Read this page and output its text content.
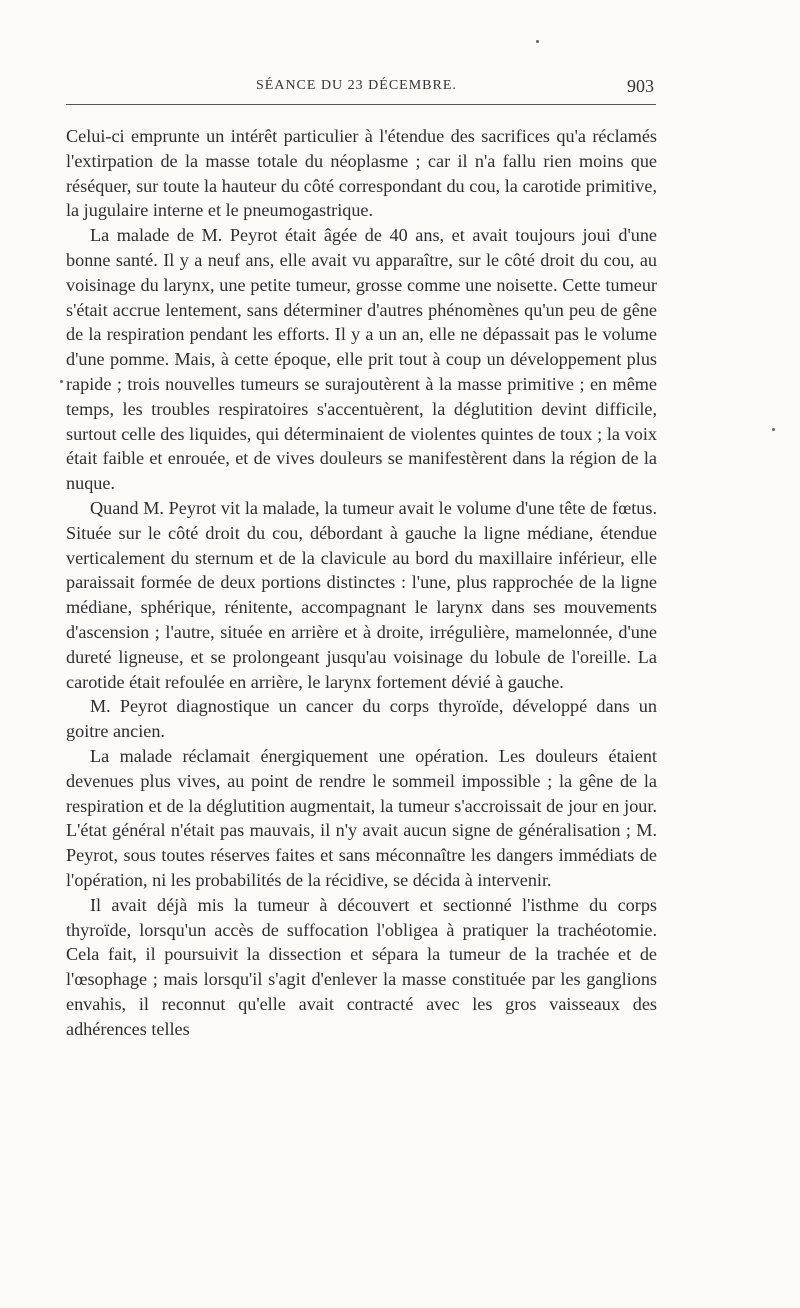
SÉANCE DU 23 DÉCEMBRE.	903

Celui-ci emprunte un intérêt particulier à l'étendue des sacrifices qu'a réclamés l'extirpation de la masse totale du néoplasme ; car il n'a fallu rien moins que réséquer, sur toute la hauteur du côté correspondant du cou, la carotide primitive, la jugulaire interne et le pneumogastrique.

La malade de M. Peyrot était âgée de 40 ans, et avait toujours joui d'une bonne santé. Il y a neuf ans, elle avait vu apparaître, sur le côté droit du cou, au voisinage du larynx, une petite tumeur, grosse comme une noisette. Cette tumeur s'était accrue lentement, sans déterminer d'autres phénomènes qu'un peu de gêne de la respiration pendant les efforts. Il y a un an, elle ne dépassait pas le volume d'une pomme. Mais, à cette époque, elle prit tout à coup un développement plus rapide ; trois nouvelles tumeurs se surajoutèrent à la masse primitive ; en même temps, les troubles respiratoires s'accentuèrent, la déglutition devint difficile, surtout celle des liquides, qui déterminaient de violentes quintes de toux ; la voix était faible et enrouée, et de vives douleurs se manifestèrent dans la région de la nuque.

Quand M. Peyrot vit la malade, la tumeur avait le volume d'une tête de fœtus. Située sur le côté droit du cou, débordant à gauche la ligne médiane, étendue verticalement du sternum et de la clavicule au bord du maxillaire inférieur, elle paraissait formée de deux portions distinctes : l'une, plus rapprochée de la ligne médiane, sphérique, rénitente, accompagnant le larynx dans ses mouvements d'ascension ; l'autre, située en arrière et à droite, irrégulière, mamelonnée, d'une dureté ligneuse, et se prolongeant jusqu'au voisinage du lobule de l'oreille. La carotide était refoulée en arrière, le larynx fortement dévié à gauche.

M. Peyrot diagnostique un cancer du corps thyroïde, développé dans un goitre ancien.

La malade réclamait énergiquement une opération. Les douleurs étaient devenues plus vives, au point de rendre le sommeil impossible ; la gêne de la respiration et de la déglutition augmentait, la tumeur s'accroissait de jour en jour. L'état général n'était pas mauvais, il n'y avait aucun signe de généralisation ; M. Peyrot, sous toutes réserves faites et sans méconnaître les dangers immédiats de l'opération, ni les probabilités de la récidive, se décida à intervenir.

Il avait déjà mis la tumeur à découvert et sectionné l'isthme du corps thyroïde, lorsqu'un accès de suffocation l'obligea à pratiquer la trachéotomie. Cela fait, il poursuivit la dissection et sépara la tumeur de la trachée et de l'œsophage ; mais lorsqu'il s'agit d'enlever la masse constituée par les ganglions envahis, il reconnut qu'elle avait contracté avec les gros vaisseaux des adhérences telles
